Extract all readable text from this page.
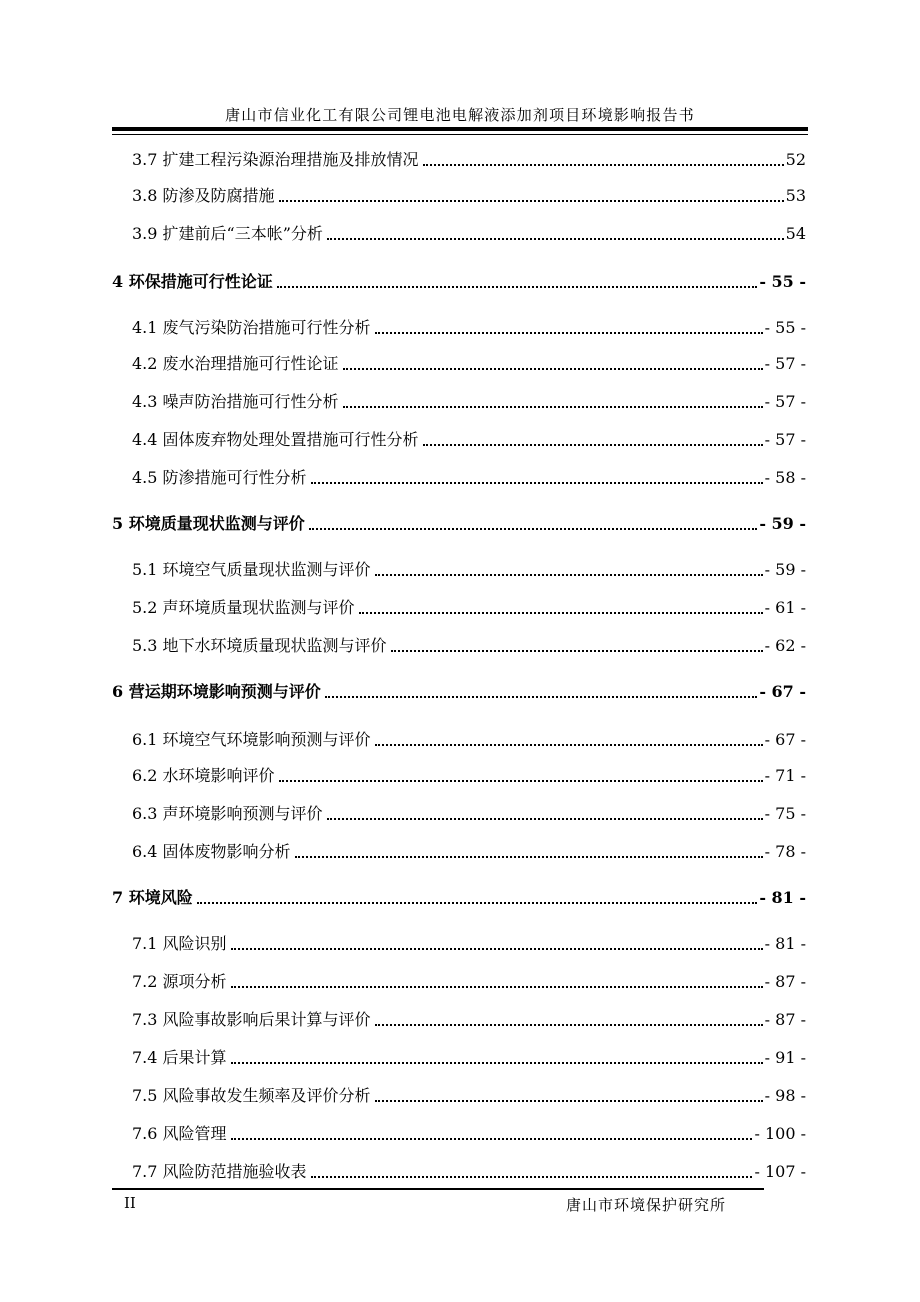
唐山市信业化工有限公司锂电池电解液添加剂项目环境影响报告书
3.7 扩建工程污染源治理措施及排放情况	52
3.8 防渗及防腐措施	53
3.9 扩建前后“三本帐”分析	54
4 环保措施可行性论证	- 55 -
4.1 废气污染防治措施可行性分析	- 55 -
4.2 废水治理措施可行性论证	- 57 -
4.3 噪声防治措施可行性分析	- 57 -
4.4 固体废弃物处理处置措施可行性分析	- 57 -
4.5 防渗措施可行性分析	- 58 -
5 环境质量现状监测与评价	- 59 -
5.1 环境空气质量现状监测与评价	- 59 -
5.2 声环境质量现状监测与评价	- 61 -
5.3 地下水环境质量现状监测与评价	- 62 -
6 营运期环境影响预测与评价	- 67 -
6.1 环境空气环境影响预测与评价	- 67 -
6.2 水环境影响评价	- 71 -
6.3 声环境影响预测与评价	- 75 -
6.4 固体废物影响分析	- 78 -
7 环境风险	- 81 -
7.1 风险识别	- 81 -
7.2 源项分析	- 87 -
7.3 风险事故影响后果计算与评价	- 87 -
7.4 后果计算	- 91 -
7.5 风险事故发生频率及评价分析	- 98 -
7.6 风险管理	- 100 -
7.7 风险防范措施验收表	- 107 -
II	唐山市环境保护研究所
